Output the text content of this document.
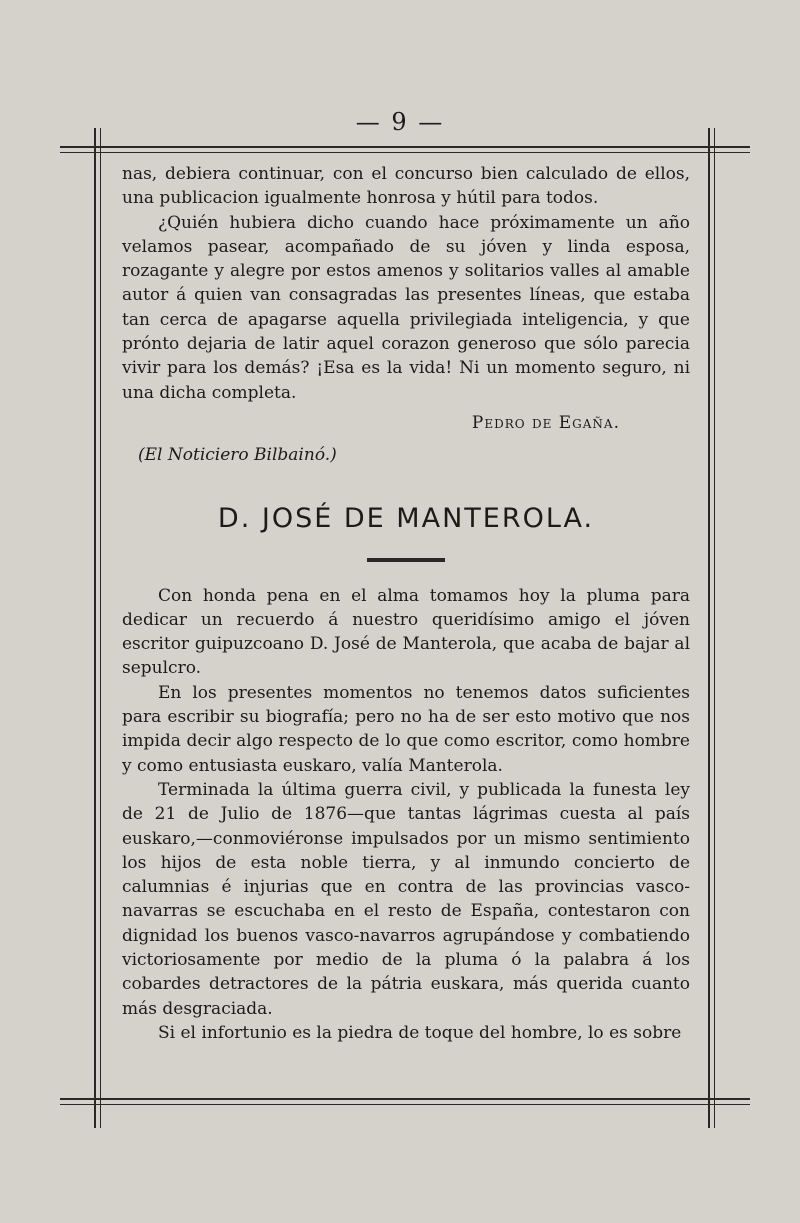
— 9 —

nas, debiera continuar, con el concurso bien calculado de ellos, una publicacion igualmente honrosa y hútil para todos.

¿Quién hubiera dicho cuando hace próximamente un año velamos pasear, acompañado de su jóven y linda esposa, rozagante y alegre por estos amenos y solitarios valles al amable autor á quien van consagradas las presentes líneas, que estaba tan cerca de apagarse aquella privilegiada inteligencia, y que prónto dejaria de latir aquel corazon generoso que sólo parecia vivir para los demás? ¡Esa es la vida! Ni un momento seguro, ni una dicha completa.

Pedro de Egaña.

(El Noticiero Bilbainó.)

D. JOSÉ DE MANTEROLA.

Con honda pena en el alma tomamos hoy la pluma para dedicar un recuerdo á nuestro queridísimo amigo el jóven escritor guipuzcoano D. José de Manterola, que acaba de bajar al sepulcro.

En los presentes momentos no tenemos datos suficientes para escribir su biografía; pero no ha de ser esto motivo que nos impida decir algo respecto de lo que como escritor, como hombre y como entusiasta euskaro, valía Manterola.

Terminada la última guerra civil, y publicada la funesta ley de 21 de Julio de 1876—que tantas lágrimas cuesta al país euskaro,—conmoviéronse impulsados por un mismo sentimiento los hijos de esta noble tierra, y al inmundo concierto de calumnias é injurias que en contra de las provincias vasco-navarras se escuchaba en el resto de España, contestaron con dignidad los buenos vasco-navarros agrupándose y combatiendo victoriosamente por medio de la pluma ó la palabra á los cobardes detractores de la pátria euskara, más querida cuanto más desgraciada.

Si el infortunio es la piedra de toque del hombre, lo es sobre
